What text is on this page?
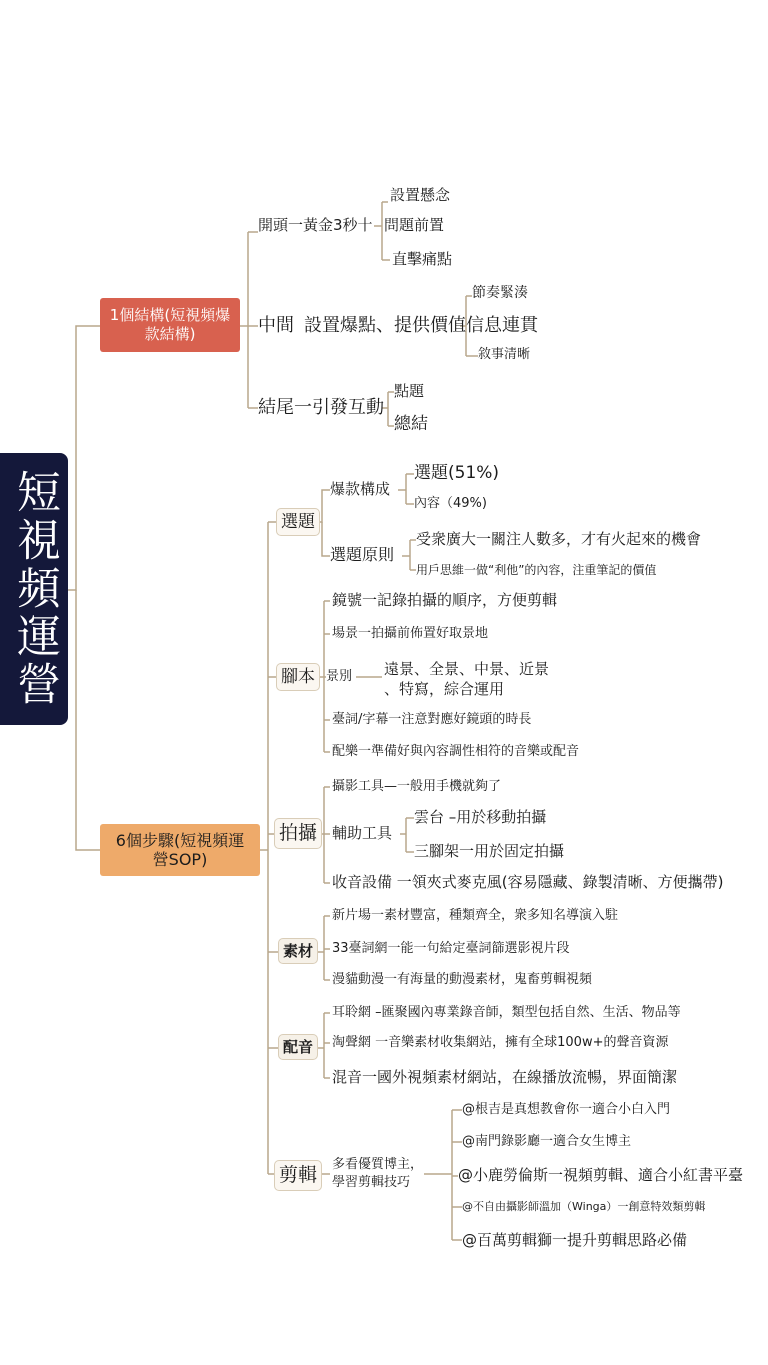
短視頻運營
1個結構(短視頻爆款結構)
開頭一黃金3秒十 問題前置
設置懸念
直擊痛點
中間 設置爆點、提供價值信息連貫
節奏緊湊
敘事清晰
結尾一引發互動
點題
總結
6個步驟(短視頻運營SOP)
選題
爆款構成
選題(51%)
內容（49%)
選題原則
受衆廣大一關注人數多，才有火起來的機會
用戶思維一做“利他”的內容，注重筆記的價值
腳本
鏡號一記錄拍攝的順序，方便剪輯
場景一拍攝前佈置好取景地
景別 遠景、全景、中景、近景
、特寫，綜合運用
臺詞/字幕一注意對應好鏡頭的時長
配樂一準備好與內容調性相符的音樂或配音
拍攝
攝影工具—一般用手機就夠了
輔助工具
雲台 –用於移動拍攝
三腳架一用於固定拍攝
收音設備 一領夾式麥克風(容易隱藏、錄製清晰、方便攜帶)
素材
新片場一素材豐富，種類齊全，衆多知名導演入駐
33臺詞網一能一句給定臺詞篩選影視片段
漫貓動漫一有海量的動漫素材，鬼畜剪輯視頻
配音
耳聆網 –匯聚國內專業錄音師，類型包括自然、生活、物品等
淘聲網 一音樂素材收集網站，擁有全球100w+的聲音資源
混音一國外視頻素材網站，在線播放流暢，界面簡潔
剪輯	多看優質博主，學習剪輯技巧
@根吉是真想教會你一適合小白入門
@南門錄影廳一適合女生博主
@小鹿勞倫斯一視頻剪輯、適合小紅書平臺
@不自由攝影師溫加（Winga）一創意特效類剪輯
@百萬剪輯獅一提升剪輯思路必備
